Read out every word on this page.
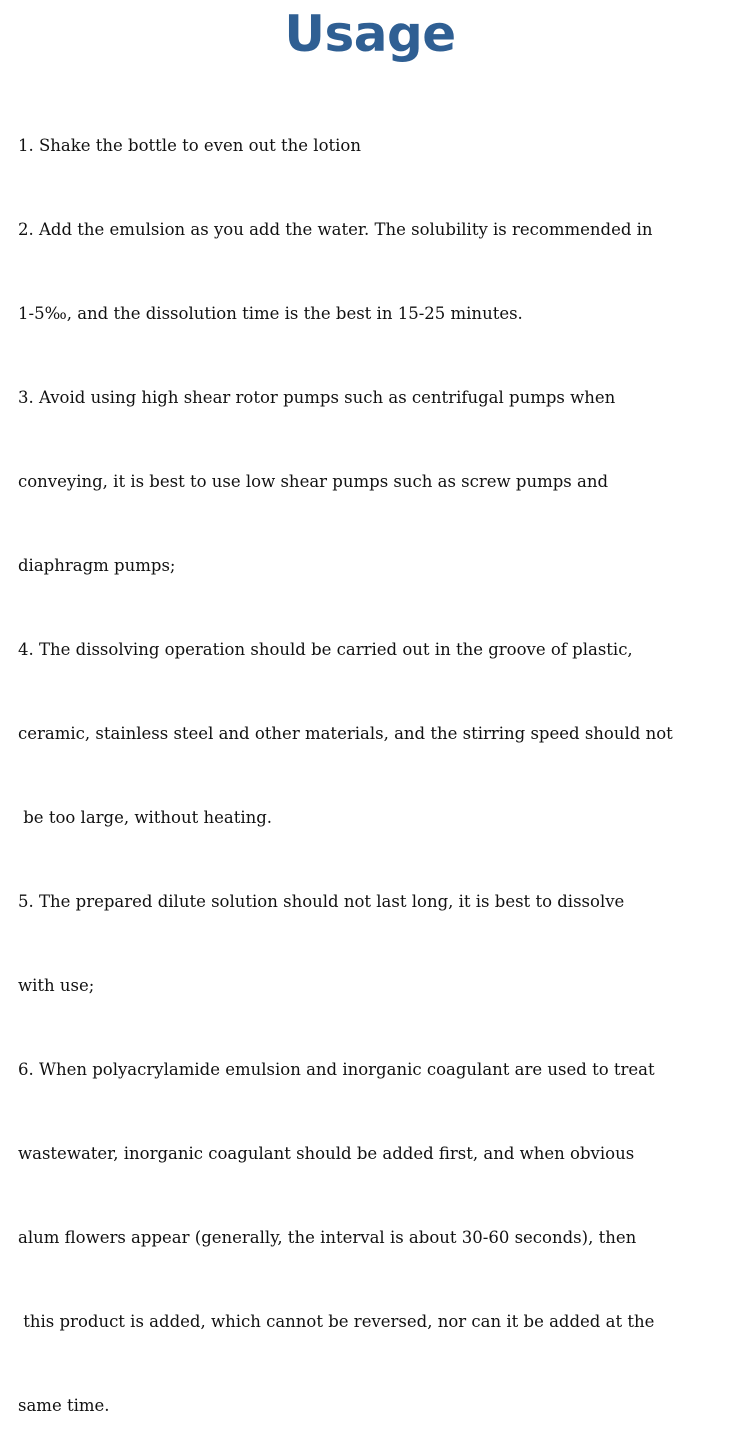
Usage

1. Shake the bottle to even out the lotion

2. Add the emulsion as you add the water. The solubility is recommended in

1-5‰, and the dissolution time is the best in 15-25 minutes.

3. Avoid using high shear rotor pumps such as centrifugal pumps when

conveying, it is best to use low shear pumps such as screw pumps and

diaphragm pumps;

4. The dissolving operation should be carried out in the groove of plastic,

ceramic, stainless steel and other materials, and the stirring speed should not

be too large, without heating.

5. The prepared dilute solution should not last long, it is best to dissolve

with use;

6. When polyacrylamide emulsion and inorganic coagulant are used to treat

wastewater, inorganic coagulant should be added first, and when obvious

alum flowers appear (generally, the interval is about 30-60 seconds), then

this product is added, which cannot be reversed, nor can it be added at the

same time.
